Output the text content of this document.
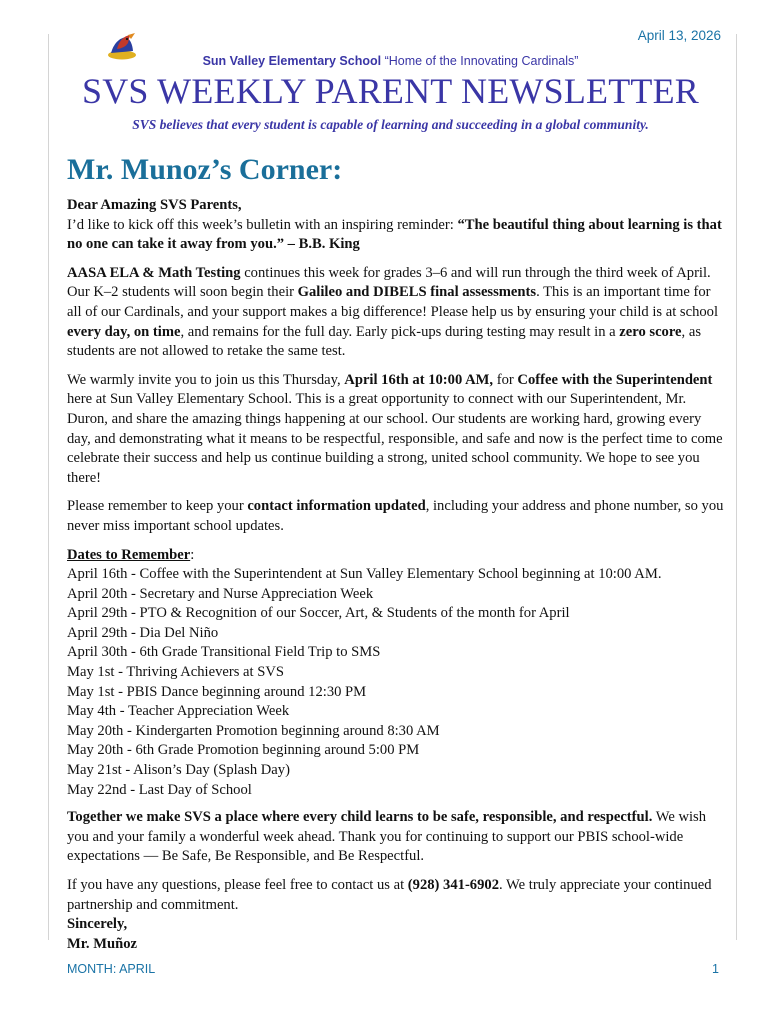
April 13, 2026
Sun Valley Elementary School “Home of the Innovating Cardinals”
SVS WEEKLY PARENT NEWSLETTER
SVS believes that every student is capable of learning and succeeding in a global community.
Mr. Munoz’s Corner:

Dear Amazing SVS Parents,
I’d like to kick off this week’s bulletin with an inspiring reminder: “The beautiful thing about learning is that no one can take it away from you.” – B.B. King

AASA ELA & Math Testing continues this week for grades 3–6 and will run through the third week of April. Our K–2 students will soon begin their Galileo and DIBELS final assessments. This is an important time for all of our Cardinals, and your support makes a big difference! Please help us by ensuring your child is at school every day, on time, and remains for the full day. Early pick-ups during testing may result in a zero score, as students are not allowed to retake the same test.

We warmly invite you to join us this Thursday, April 16th at 10:00 AM, for Coffee with the Superintendent here at Sun Valley Elementary School. This is a great opportunity to connect with our Superintendent, Mr. Duron, and share the amazing things happening at our school. Our students are working hard, growing every day, and demonstrating what it means to be respectful, responsible, and safe and now is the perfect time to come celebrate their success and help us continue building a strong, united school community. We hope to see you there!

Please remember to keep your contact information updated, including your address and phone number, so you never miss important school updates.

Dates to Remember:
April 16th - Coffee with the Superintendent at Sun Valley Elementary School beginning at 10:00 AM.
April 20th - Secretary and Nurse Appreciation Week
April 29th - PTO & Recognition of our Soccer, Art, & Students of the month for April
April 29th - Dia Del Niño
April 30th - 6th Grade Transitional Field Trip to SMS
May 1st - Thriving Achievers at SVS
May 1st - PBIS Dance beginning around 12:30 PM
May 4th - Teacher Appreciation Week
May 20th - Kindergarten Promotion beginning around 8:30 AM
May 20th - 6th Grade Promotion beginning around 5:00 PM
May 21st - Alison’s Day (Splash Day)
May 22nd - Last Day of School

Together we make SVS a place where every child learns to be safe, responsible, and respectful. We wish you and your family a wonderful week ahead. Thank you for continuing to support our PBIS school-wide expectations — Be Safe, Be Responsible, and Be Respectful.

If you have any questions, please feel free to contact us at (928) 341-6902. We truly appreciate your continued partnership and commitment.
Sincerely,
Mr. Muñoz

MONTH: APRIL	1
